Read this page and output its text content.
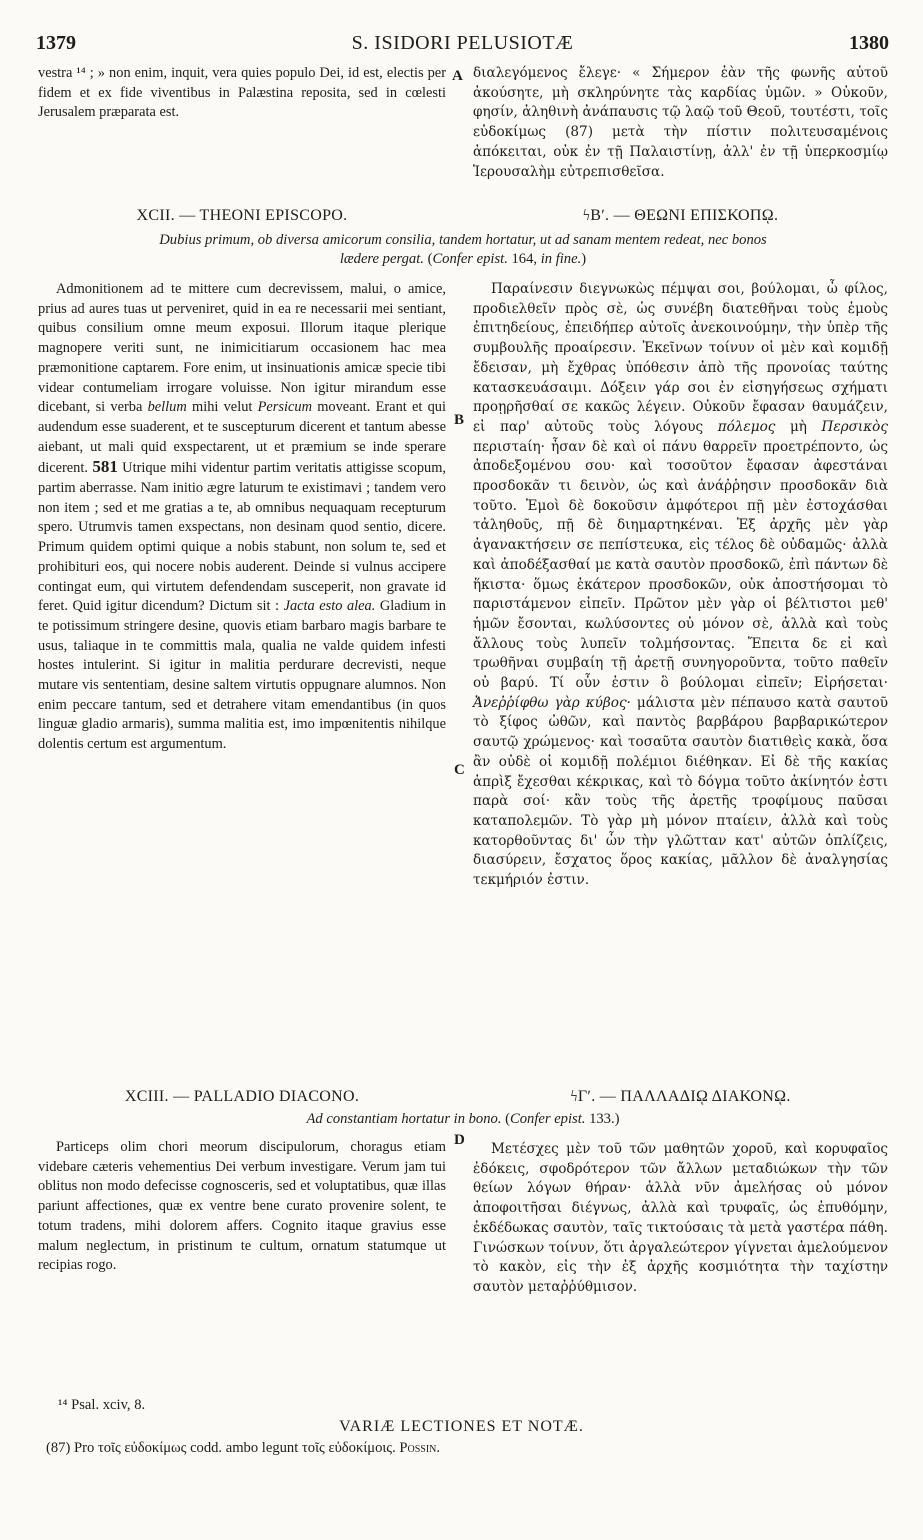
1379	S. ISIDORI PELUSIOTÆ	1380

vestra ¹⁴ ; » non enim, inquit, vera quies populo Dei, id est, electis per fidem et ex fide viventibus in Palæstina reposita, sed in cœlesti Jerusalem præparata est.

διαλεγόμενος ἔλεγε· « Σήμερον ἐὰν τῆς φωνῆς αὐτοῦ ἀκούσητε, μὴ σκληρύνητε τὰς καρδίας ὑμῶν. » Οὐκοῦν, φησίν, ἀληθινὴ ἀνάπαυσις τῷ λαῷ τοῦ Θεοῦ, τουτέστι, τοῖς εὐδοκίμως (87) μετὰ τὴν πίστιν πολιτευσαμένοις ἀπόκειται, οὐκ ἐν τῇ Παλαιστίνῃ, ἀλλ' ἐν τῇ ὑπερκοσμίῳ Ἱερουσαλὴμ εὐτρεπισθεῖσα.

A
XCII. — THEONI EPISCOPO.	ϟΒʹ. — ΘΕΩΝΙ ΕΠΙΣΚΟΠῼ.
Dubius primum, ob diversa amicorum consilia, tandem hortatur, ut ad sanam mentem redeat, nec bonos
lædere pergat. (Confer epist. 164, in fine.)

Admonitionem ad te mittere cum decrevissem, malui, o amice, prius ad aures tuas ut perveniret, quid in ea re necessarii mei sentiant, quibus consilium omne meum exposui. Illorum itaque plerique magnopere veriti sunt, ne inimicitiarum occasionem hac mea præmonitione captarem. Fore enim, ut insinuationis amicæ specie tibi videar contumeliam irrogare voluisse. Non igitur mirandum esse dicebant, si verba bellum mihi velut Persicum moveant. Erant et qui audendum esse suaderent, et te suscepturum dicerent et tantum abesse aiebant, ut mali quid exspectarent, ut et præmium se inde sperare dicerent. 581 Utrique mihi videntur partim veritatis attigisse scopum, partim aberrasse. Nam initio ægre laturum te existimavi ; tandem vero non item ; sed et me gratias a te, ab omnibus nequaquam recepturum spero. Utrumvis tamen exspectans, non desinam quod sentio, dicere. Primum quidem optimi quique a nobis stabunt, non solum te, sed et prohibituri eos, qui nocere nobis auderent. Deinde si vulnus accipere contingat eum, qui virtutem defendendam susceperit, non gravate id feret. Quid igitur dicendum? Dictum sit : Jacta esto alea. Gladium in te potissimum stringere desine, quovis etiam barbaro magis barbare te usus, taliaque in te committis mala, qualia ne valde quidem infesti hostes intulerint. Si igitur in malitia perdurare decrevisti, neque mutare vis sententiam, desine saltem virtutis oppugnare alumnos. Non enim peccare tantum, sed et detrahere vitam emendantibus (in quos linguæ gladio armaris), summa malitia est, imo impœnitentis nihilque dolentis certum est argumentum.

Παραίνεσιν διεγνωκὼς πέμψαι σοι, βούλομαι, ὦ φίλος, προδιελθεῖν πρὸς σὲ, ὡς συνέβη διατεθῆναι τοὺς ἐμοὺς ἐπιτηδείους, ἐπειδήπερ αὐτοῖς ἀνεκοινούμην, τὴν ὑπὲρ τῆς συμβουλῆς προαίρεσιν. Ἐκεῖνων τοίνυν οἱ μὲν καὶ κομιδῇ ἔδεισαν, μὴ ἔχθρας ὑπόθεσιν ἀπὸ τῆς προνοίας ταύτης κατασκευάσαιμι. Δόξειν γάρ σοι ἐν εἰσηγήσεως σχήματι προῃρῆσθαί σε κακῶς λέγειν. Οὐκοῦν ἔφασαν θαυμάζειν, εἰ παρ' αὐτοῦς τοὺς λόγους πόλεμος μὴ Περσικὸς περιστaίη· ἦσαν δὲ καὶ οἱ πάνυ θαρρεῖν προετρέποντο, ὡς ἀποδεξομένου σου· καὶ τοσοῦτον ἔφασαν ἀφεστάναι προσδοκᾶν τι δεινὸν, ὡς καὶ ἀνάῤῥησιν προσδοκᾶν διὰ τοῦτο. Ἐμοὶ δὲ δοκοῦσιν ἀμφότεροι πῇ μὲν ἐστοχάσθαι τἀληθοῦς, πῇ δὲ διημαρτηκέναι. Ἐξ ἀρχῆς μὲν γὰρ ἀγανακτήσειν σε πεπίστευκα, εἰς τέλος δὲ οὐδαμῶς· ἀλλὰ καὶ ἀποδέξασθαί με κατὰ σαυτὸν προσδοκῶ, ἐπὶ πάντων δὲ ἥκιστα· ὅμως ἑκάτερον προσδοκῶν, οὐκ ἀποστήσομαι τὸ παριστάμενον εἰπεῖν. Πρῶτον μὲν γὰρ οἱ βέλτιστοι μεθ' ἡμῶν ἔσονται, κωλύσοντες οὐ μόνον σὲ, ἀλλὰ καὶ τοὺς ἄλλους τοὺς λυπεῖν τολμήσοντας. Ἔπειτα δε εἰ καὶ τρωθῆναι συμβαίη τῇ ἀρετῇ συνηγοροῦντα, τοῦτο παθεῖν οὐ βαρύ. Τί οὖν ἐστιν ὃ βούλομαι εἰπεῖν; Εἰρήσεται· Ἀνεῤῥίφθω γὰρ κύβος· μάλιστα μὲν πέπαυσο κατὰ σαυτοῦ τὸ ξίφος ὠθῶν, καὶ παντὸς βαρβάρου βαρβαρικώτερον σαυτῷ χρώμενος· καὶ τοσαῦτα σαυτὸν διατιθεὶς κακὰ, ὅσα ἂν οὐδὲ οἱ κομιδῇ πολέμιοι διέθηκαν. Εἰ δὲ τῆς κακίας ἁπρὶξ ἔχεσθαι κέκρικας, καὶ τὸ δόγμα τοῦτο ἀκίνητόν ἐστι παρὰ σοί· κἂν τοὺς τῆς ἀρετῆς τροφίμους παῦσαι καταπολεμῶν. Τὸ γὰρ μὴ μόνον πταίειν, ἀλλὰ καὶ τοὺς κατορθοῦντας δι' ὧν τὴν γλῶτταν κατ' αὐτῶν ὁπλίζεις, διασύρειν, ἔσχατος ὅρος κακίας, μᾶλλον δὲ ἀναλγησίας τεκμήριόν ἐστιν.

B
C
XCIII. — PALLADIO DIACONO.	ϟΓʹ. — ΠΑΛΛΑΔΙῼ ΔΙΑΚΟΝῼ.
Ad constantiam hortatur in bono. (Confer epist. 133.)

Particeps olim chori meorum discipulorum, choragus etiam videbare cæteris vehementius Dei verbum investigare. Verum jam tui oblitus non modo defecisse cognosceris, sed et voluptatibus, quæ illas pariunt affectiones, quæ ex ventre bene curato provenire solent, te totum tradens, mihi dolorem affers. Cognito itaque gravius esse malum neglectum, in pristinum te cultum, ornatum statumque ut recipias rogo.

Μετέσχες μὲν τοῦ τῶν μαθητῶν χοροῦ, καὶ κορυφαῖος ἐδόκεις, σφοδρότερον τῶν ἄλλων μεταδιώκων τὴν τῶν θείων λόγων θήραν· ἀλλὰ νῦν ἀμελήσας οὐ μόνον ἀποφοιτῆσαι διέγνως, ἀλλὰ καὶ τρυφαῖς, ὡς ἐπυθόμην, ἐκδέδωκας σαυτὸν, ταῖς τικτούσαις τὰ μετὰ γαστέρα πάθη. Γινώσκων τοίνυν, ὅτι ἀργαλεώτερον γίγνεται ἀμελούμενον τὸ κακὸν, εἰς τὴν ἐξ ἀρχῆς κοσμιότητα τὴν ταχίστην σαυτὸν μεταῤῥύθμισον.

D
¹⁴ Psal. xciv, 8.
VARIÆ LECTIONES ET NOTÆ.
(87) Pro τοῖς εὐδοκίμως codd. ambo legunt τοῖς εὐδοκίμοις. Possin.
